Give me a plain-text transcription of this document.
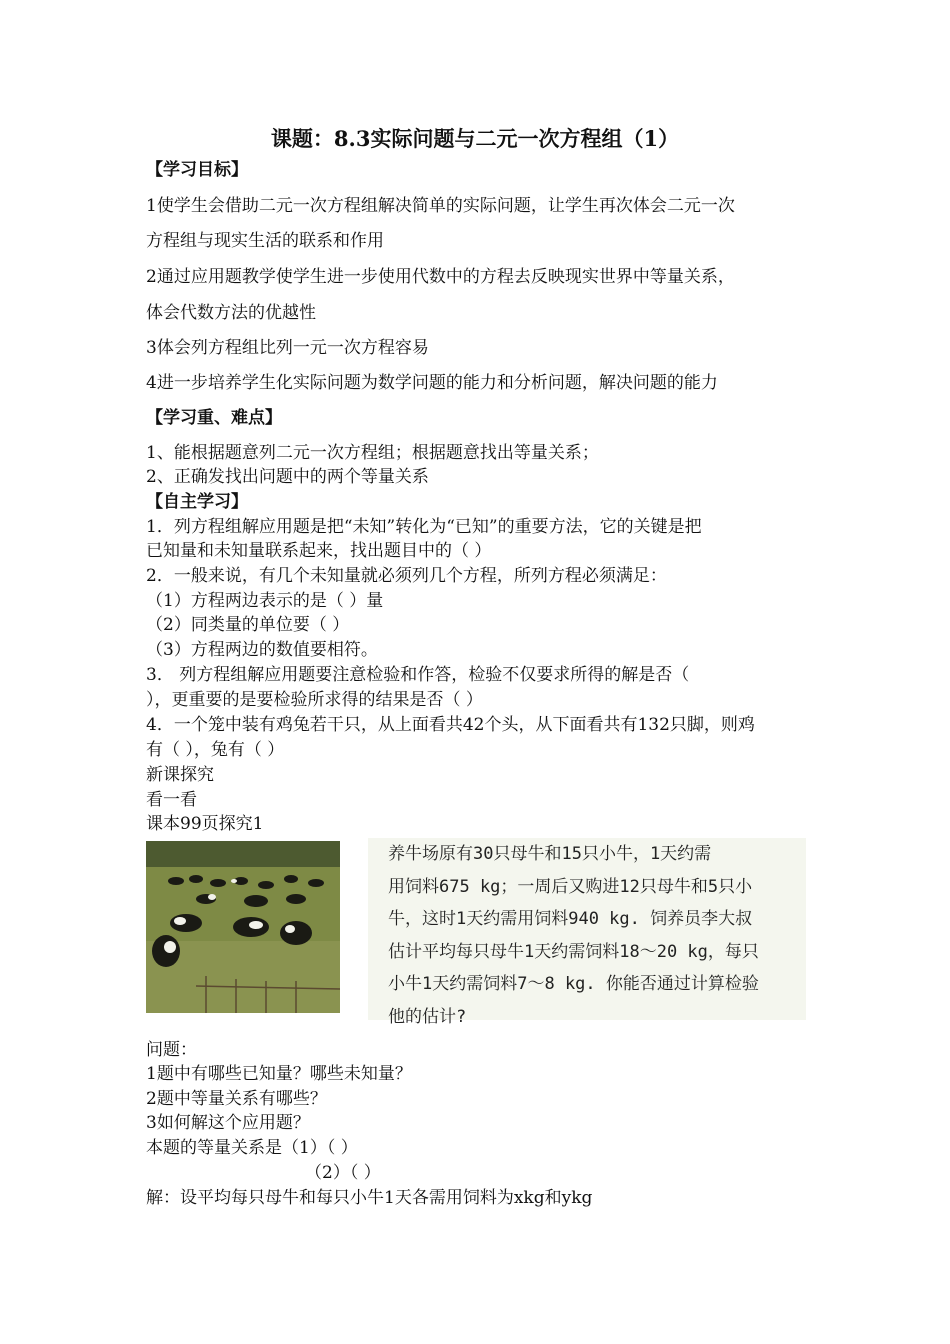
课题：8.3实际问题与二元一次方程组（1）
【学习目标】
1使学生会借助二元一次方程组解决简单的实际问题，让学生再次体会二元一次
方程组与现实生活的联系和作用
2通过应用题教学使学生进一步使用代数中的方程去反映现实世界中等量关系，
体会代数方法的优越性
3体会列方程组比列一元一次方程容易
4进一步培养学生化实际问题为数学问题的能力和分析问题，解决问题的能力
【学习重、难点】
1、能根据题意列二元一次方程组；根据题意找出等量关系；
2、正确发找出问题中的两个等量关系
【自主学习】
1．列方程组解应用题是把“未知”转化为“已知”的重要方法，它的关键是把
已知量和未知量联系起来，找出题目中的（ ）
2．一般来说，有几个未知量就必须列几个方程，所列方程必须满足：
（1）方程两边表示的是（ ）量
（2）同类量的单位要（ ）
（3）方程两边的数值要相符。
3． 列方程组解应用题要注意检验和作答，检验不仅要求所得的解是否（
），更重要的是要检验所求得的结果是否（ ）
4．一个笼中装有鸡兔若干只，从上面看共42个头，从下面看共有132只脚，则鸡
有（ ），兔有（ ）
新课探究
看一看
课本99页探究1

养牛场原有30只母牛和15只小牛，1天约需

用饲料675 kg；一周后又购进12只母牛和5只小

牛，这时1天约需用饲料940 kg. 饲养员李大叔

估计平均每只母牛1天约需饲料18～20 kg，每只

小牛1天约需饲料7～8 kg. 你能否通过计算检验

他的估计?

问题：
1题中有哪些已知量？哪些未知量？
2题中等量关系有哪些？
3如何解这个应用题？
本题的等量关系是（1）（ ）
（2）（ ）
解：设平均每只母牛和每只小牛1天各需用饲料为xkg和ykg
